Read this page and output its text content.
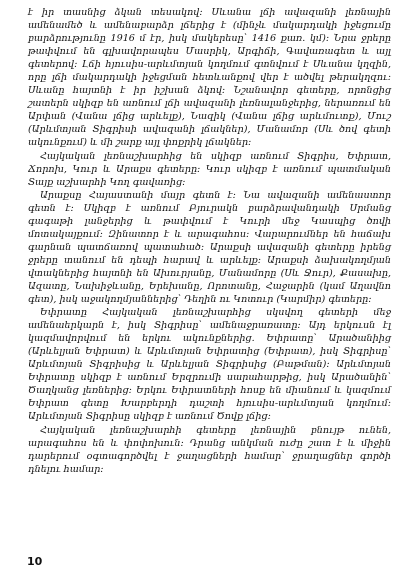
է իր տասնից ձկան տեսակով: Սևանա լճի ավազանի լեռնային ամենամեծ և ամենաբարձր լճերից է (մինչև մակարդակի իջեցումը բարձրությունը 1916 մ էր, իսկ մակերեսը՝ 1416 քառ. կմ): Նրա ջրերը թափվում են գլխավորապես Մասրիկ, Արգիճի, Գավառագետ և այլ գետերով: Լճի հյուսիս-արևմտյան կողմում գտնվում է Սևանա կղզին, որը լճի մակարդակի իջեցման հետևանքով վեր է ածվել թերակղզու: Սևանը հայտնի է իր իշխան ձկով: Նշանավոր գետերը, որոնցից շատերն սկիզբ են առնում լճի ավազանի լեռնալանջերից, ներառում են Արփան (Վանա լճից արևելք), Նազիկ (Վանա լճից արևմուտք), Մուշ (Արևմտյան Տիգրիսի ավազանի լճակներ), Մանամոր (Սև ծով գետի ակունքում) և մի շարք այլ փոքրիկ լճակներ:

Հայկական լեռնաշխարհից են սկիզբ առնում Տիգրիս, Եփրատ, Ճորոխ, Կուր և Արաքս գետերը: Կուր սկիզբ է առնում պատմական Տայք աշխարհի Կող գավառից:

Արաքսը Հայաստանի մայր գետն է: Նա ավազանի ամենաստոր գետն է: Սկիզբ է առնում Բյուրակն բարձրավանդակի Սրմանց գագաթի լանջերից և թափվում է Կուրի մեջ Կասպից ծովի մոտակայքում: Զինատոր է և արագահոս: Վարարումներ են հաճախ գարնան պատճառով պատահած: Արաքսի ավազանի գետերը իրենց ջրերը տանում են դեպի հարավ և արևելք: Արաքսի ձախակողմյան վտակներից հայտնի են Ախուրյանը, Մանամորը (Սև Ջուր), Քասախը, Ազատը, Նախիջևանը, Երեխանը, Որոտանը, Հաջարին (կամ Աղավնո գետ), իսկ աջակողմյաններից՝ Դեղին ու Կոտուր (Կարմիր) գետերը:

Եփրատը Հայկական լեռնաշխարհից սկսվող գետերի մեջ ամենաերկարն է, իսկ Տիգրիսը՝ ամենաջրառատը: Այդ երկուսն էլ կազմավորվում են երկու ակունքներից. Եփրատը՝ Արածանիից (Արևելյան Եփրատ) և Արևմտյան Եփրատից (Եփրատ), իսկ Տիգրիսը՝ Արևմտյան Տիգրիսից և Արևելյան Տիգրիսից (Բաթման): Արևմտյան Եփրատը սկիզբ է առնում Երզրումի սարահարթից, իսկ Արածանին՝ Ծաղկանց լեռներից: Երկու Եփրատների հոսք են միանում և կազմում Եփրատ գետը Խարբերդի դաշտի հյուսիս-արևմտյան կողմում: Արևմտյան Տիգրիսը սկիզբ է առնում Ծովք լճից:

Հայկական լեռնաշխարհի գետերը լեռնային բնույթ ունեն, արագահոս են և փոփոխուն: Դրանց անկման ուժը շատ է և միջին դարերում օգտագործվել է ջաղացների համար՝ ջրաղացներ գործի դնելու համար:

10
